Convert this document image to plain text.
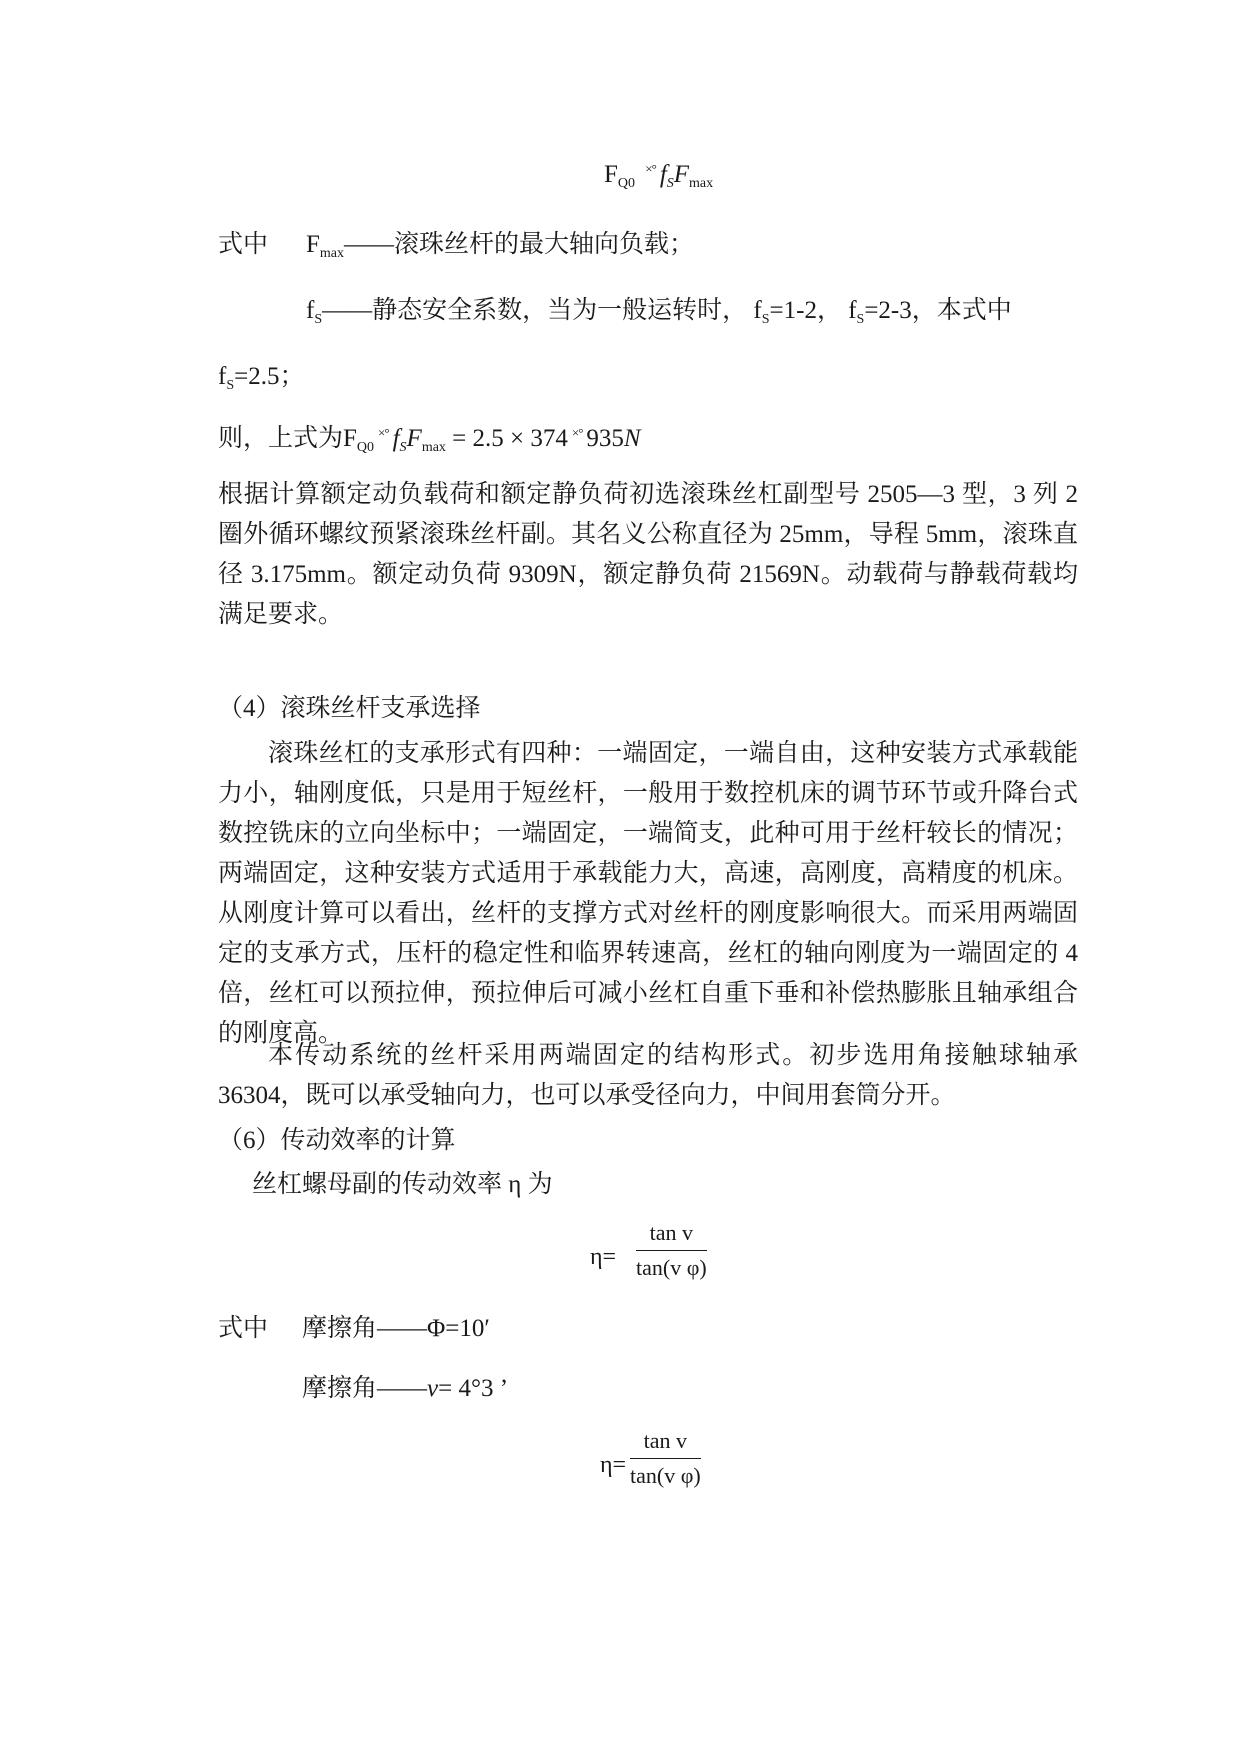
$F_{Q0}$ ×° $f_SF_{max}$
式中 $F_{max}——$滚珠丝杆的最大轴向负载；
$f_S——$静态安全系数，当为一般运转时， $f_S=1-2$， $f_S=2-3$，本式中
$f_S=2.5$；
则，上式为$F_{Q0}^{\times^\circ}$ $f_SF_{max} = 2.5 \times 374$ ×° 935N

根据计算额定动负载荷和额定静负荷初选滚珠丝杠副型号 2505—3 型，3 列 2 圈外循环螺纹预紧滚珠丝杆副。其名义公称直径为 25mm，导程 5mm，滚珠直径 3.175mm。额定动负荷 9309N，额定静负荷 21569N。动载荷与静载荷载均满足要求。

（4）滚珠丝杆支承选择

滚珠丝杠的支承形式有四种：一端固定，一端自由，这种安装方式承载能力小，轴刚度低，只是用于短丝杆，一般用于数控机床的调节环节或升降台式数控铣床的立向坐标中；一端固定，一端简支，此种可用于丝杆较长的情况；两端固定，这种安装方式适用于承载能力大，高速，高刚度，高精度的机床。从刚度计算可以看出，丝杆的支撑方式对丝杆的刚度影响很大。而采用两端固定的支承方式，压杆的稳定性和临界转速高，丝杠的轴向刚度为一端固定的 4 倍，丝杠可以预拉伸，预拉伸后可减小丝杠自重下垂和补偿热膨胀且轴承组合的刚度高。

本传动系统的丝杆采用两端固定的结构形式。初步选用角接触球轴承 36304，既可以承受轴向力，也可以承受径向力，中间用套筒分开。

（6）传动效率的计算
丝杠螺母副的传动效率 η 为
$\eta= \frac{\text{tan v}}{\text{tan(v φ)}}$
式中 摩擦角——Φ=10′
摩擦角——v= 4°3 ’
$\eta= \frac{\text{tan v}}{\text{tan(v φ)}}$
